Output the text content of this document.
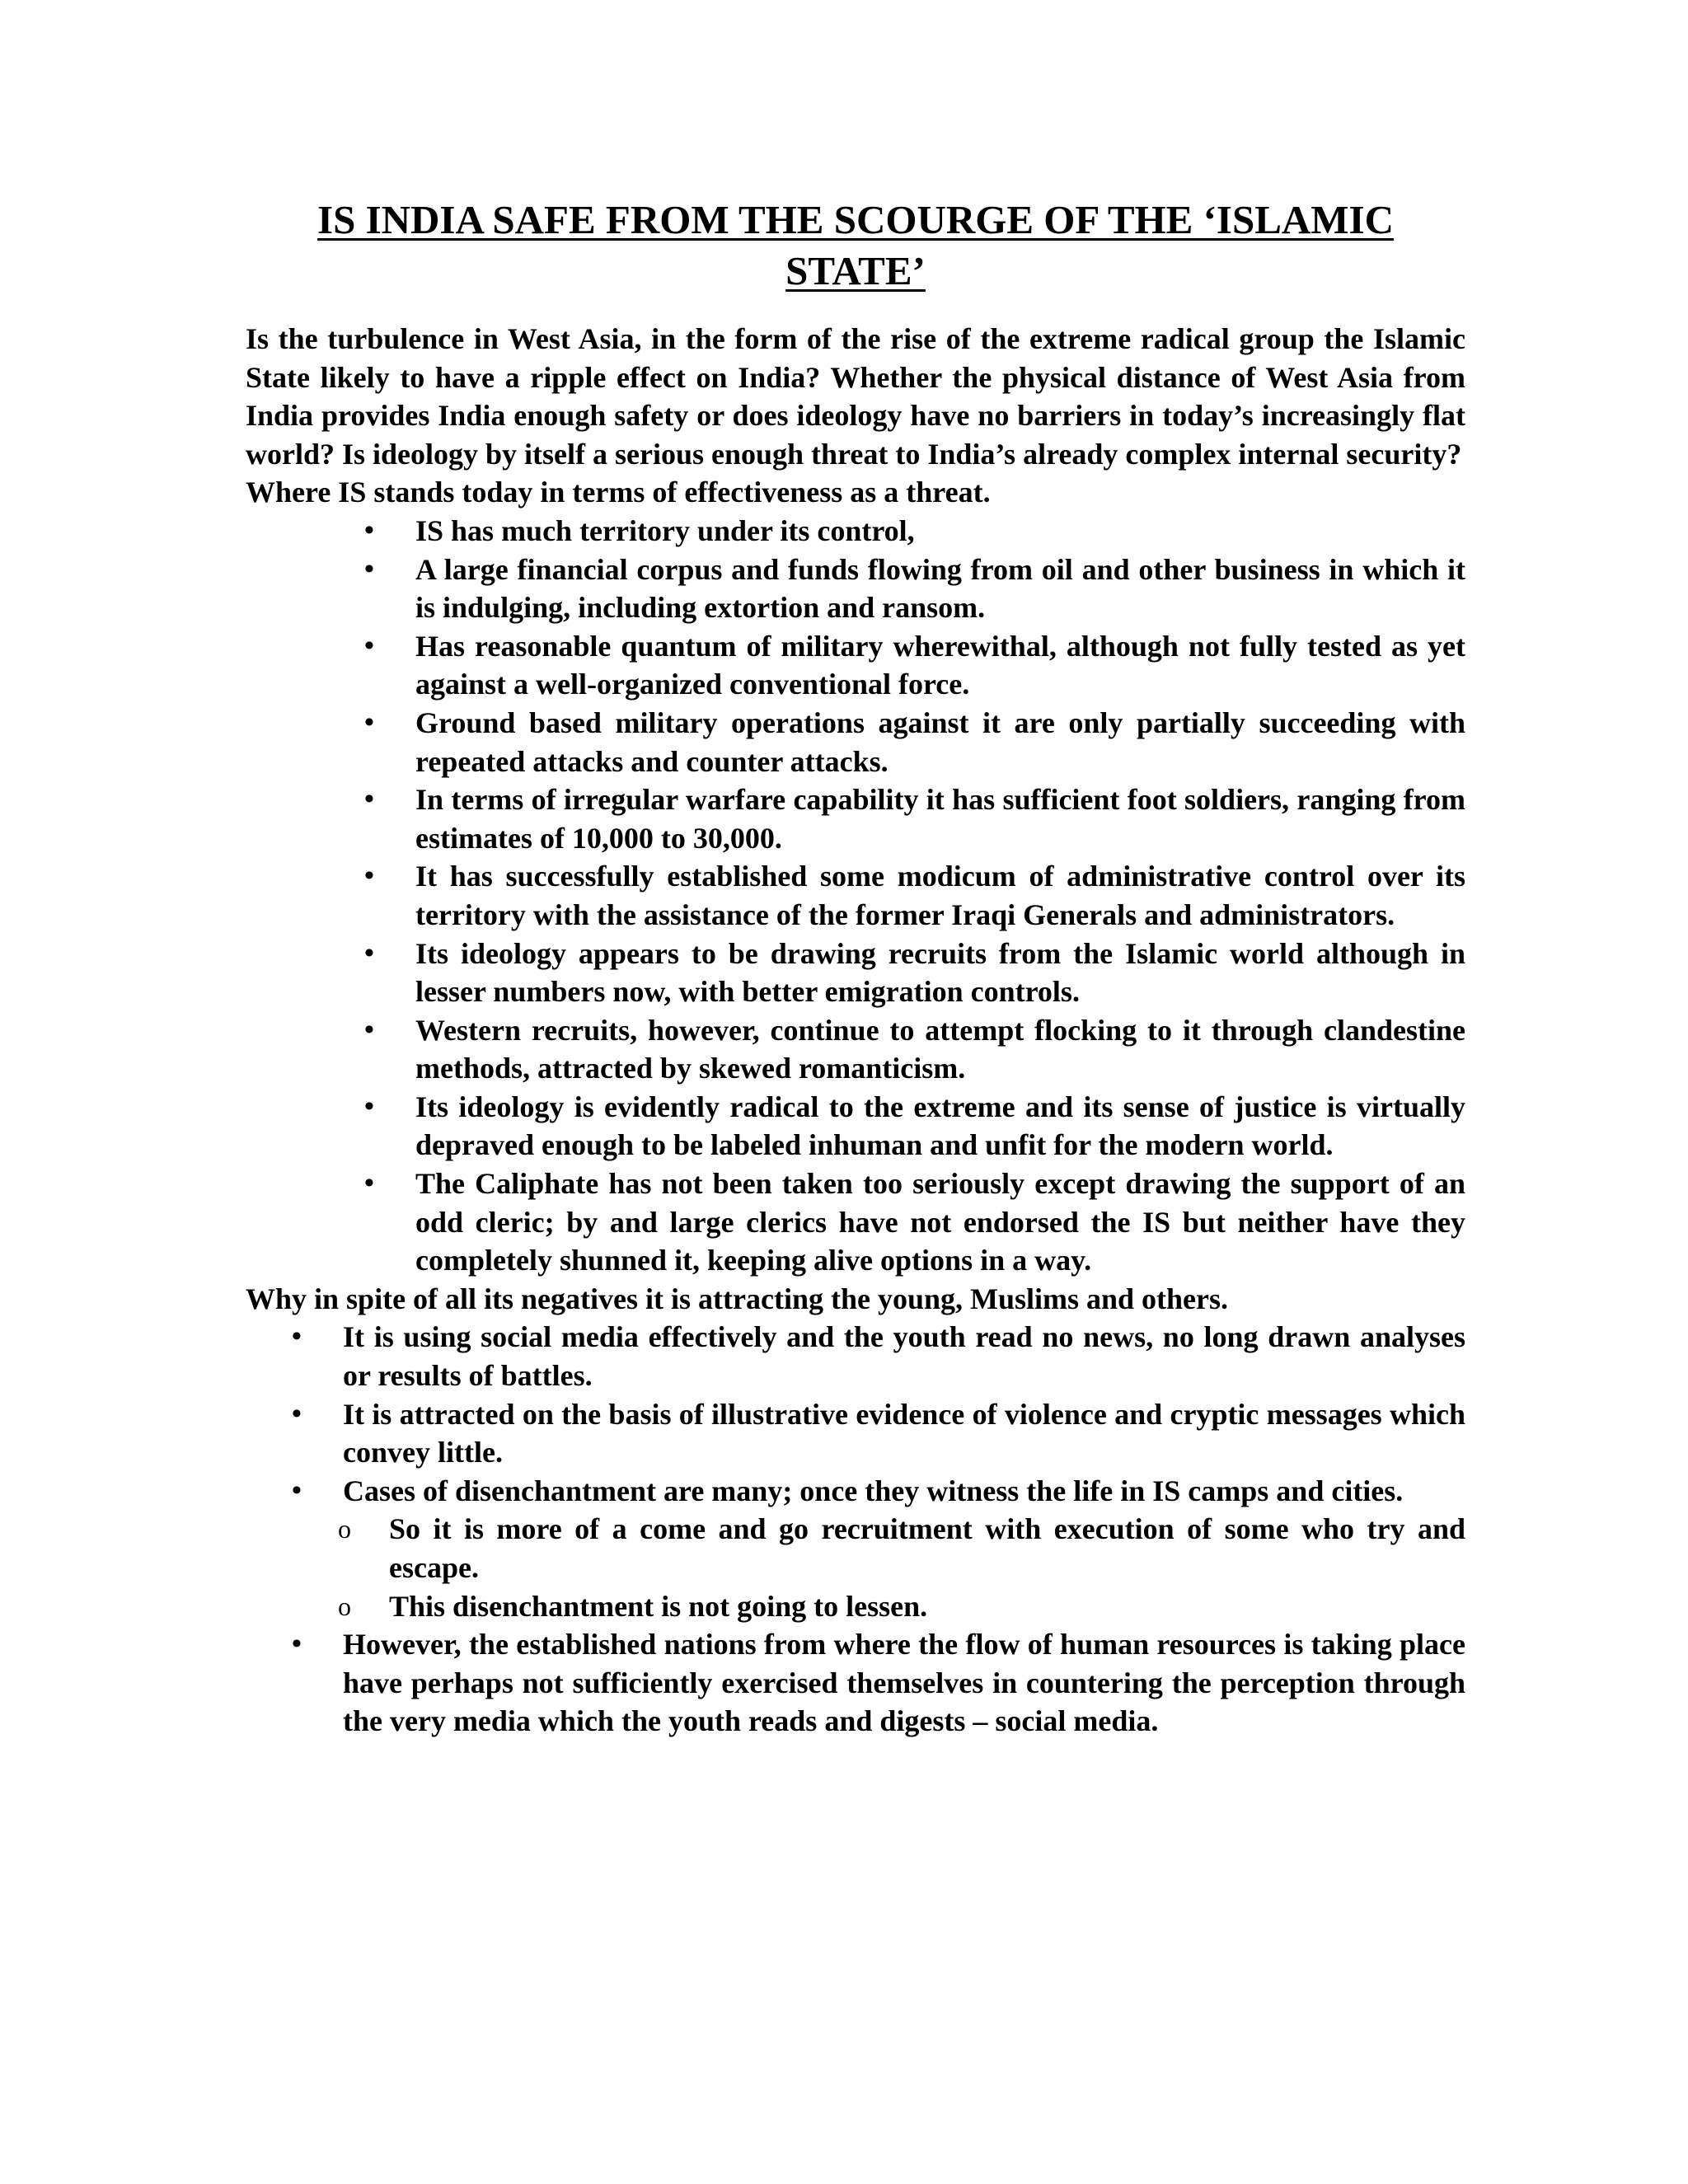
IS INDIA SAFE FROM THE SCOURGE OF THE ‘ISLAMIC STATE’

Is the turbulence in West Asia, in the form of the rise of the extreme radical group the Islamic State likely to have a ripple effect on India? Whether the physical distance of West Asia from India provides India enough safety or does ideology have no barriers in today’s increasingly flat world? Is ideology by itself a serious enough threat to India’s already complex internal security?

Where IS stands today in terms of effectiveness as a threat.

• IS has much territory under its control,
• A large financial corpus and funds flowing from oil and other business in which it is indulging, including extortion and ransom.
• Has reasonable quantum of military wherewithal, although not fully tested as yet against a well-organized conventional force.
• Ground based military operations against it are only partially succeeding with repeated attacks and counter attacks.
• In terms of irregular warfare capability it has sufficient foot soldiers, ranging from estimates of 10,000 to 30,000.
• It has successfully established some modicum of administrative control over its territory with the assistance of the former Iraqi Generals and administrators.
• Its ideology appears to be drawing recruits from the Islamic world although in lesser numbers now, with better emigration controls.
• Western recruits, however, continue to attempt flocking to it through clandestine methods, attracted by skewed romanticism.
• Its ideology is evidently radical to the extreme and its sense of justice is virtually depraved enough to be labeled inhuman and unfit for the modern world.
• The Caliphate has not been taken too seriously except drawing the support of an odd cleric; by and large clerics have not endorsed the IS but neither have they completely shunned it, keeping alive options in a way.

Why in spite of all its negatives it is attracting the young, Muslims and others.

• It is using social media effectively and the youth read no news, no long drawn analyses or results of battles.
• It is attracted on the basis of illustrative evidence of violence and cryptic messages which convey little.
• Cases of disenchantment are many; once they witness the life in IS camps and cities.
o So it is more of a come and go recruitment with execution of some who try and escape.
o This disenchantment is not going to lessen.
• However, the established nations from where the flow of human resources is taking place have perhaps not sufficiently exercised themselves in countering the perception through the very media which the youth reads and digests – social media.
